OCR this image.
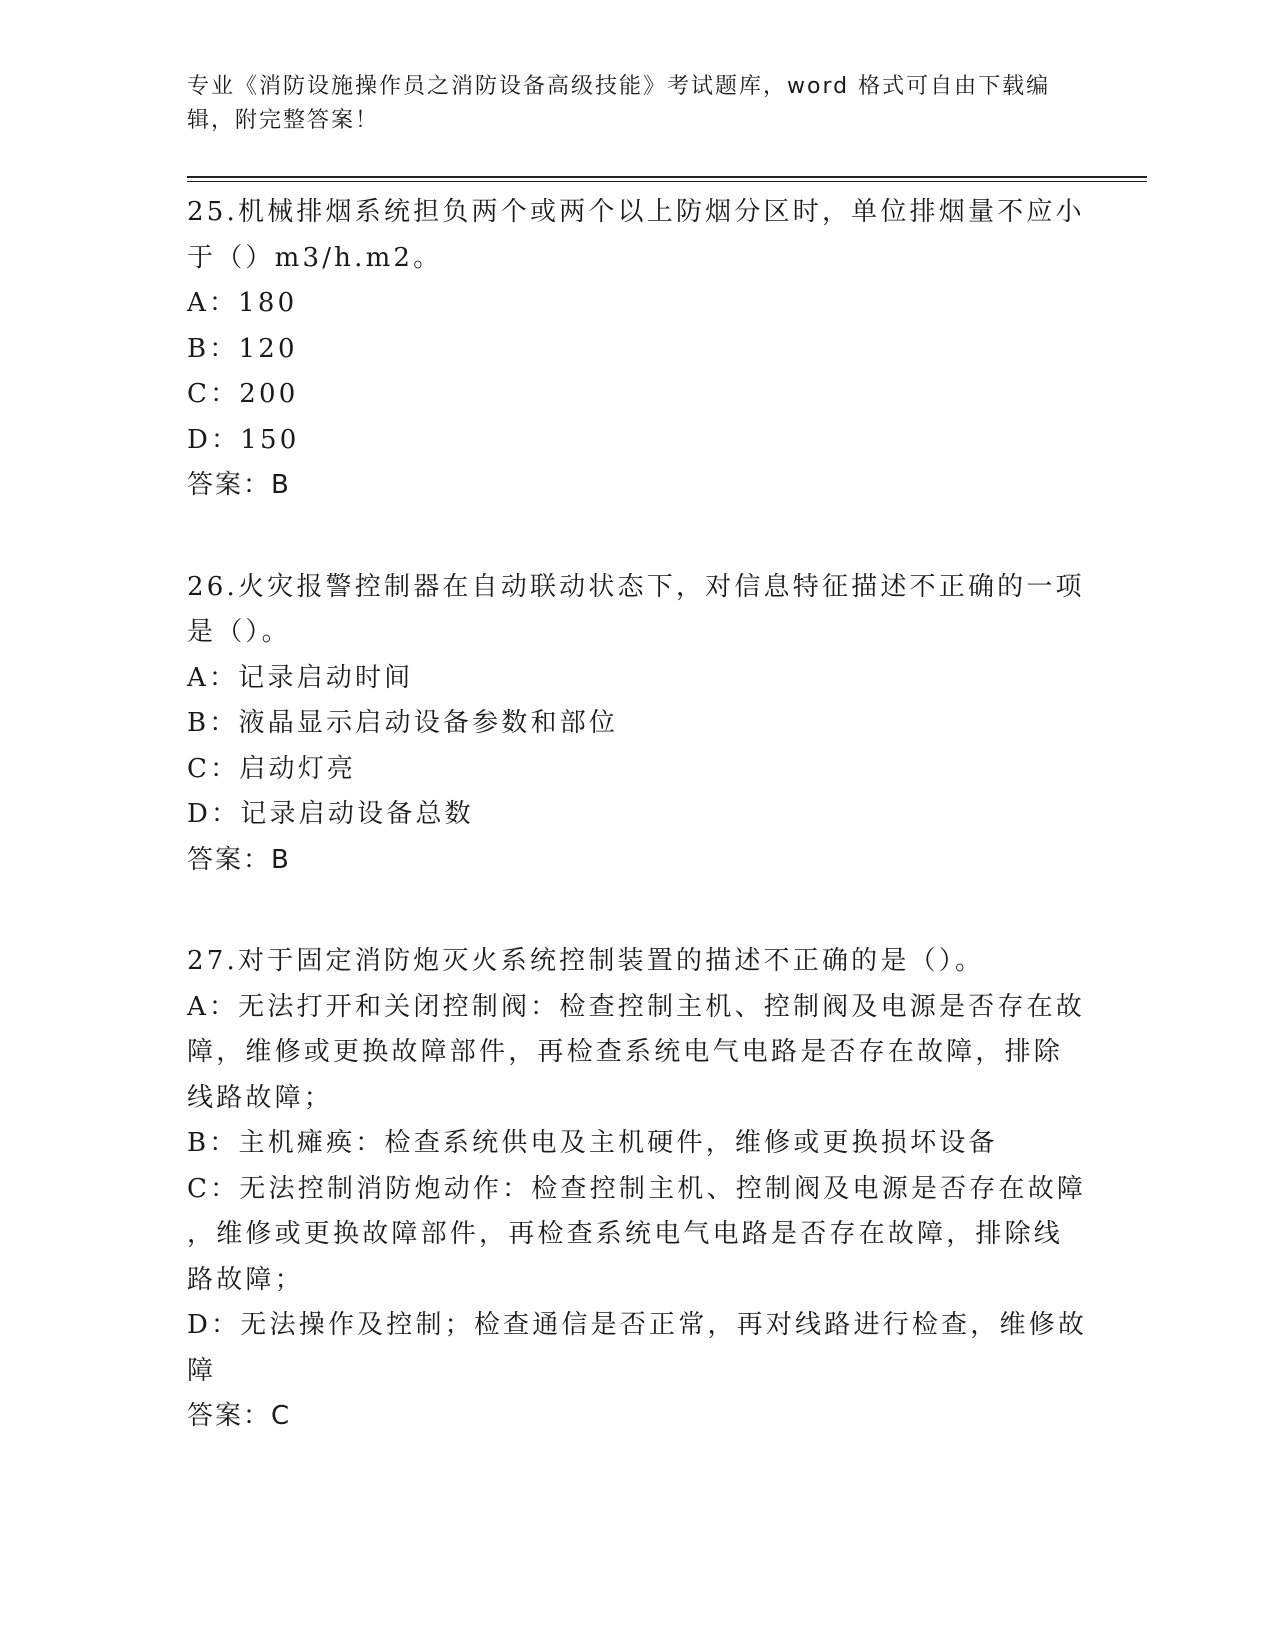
专业《消防设施操作员之消防设备高级技能》考试题库，word 格式可自由下载编
辑，附完整答案！
25.机械排烟系统担负两个或两个以上防烟分区时，单位排烟量不应小
于（）m3/h.m2。
A：180
B：120
C：200
D：150
答案：B
26.火灾报警控制器在自动联动状态下，对信息特征描述不正确的一项
是（）。
A：记录启动时间
B：液晶显示启动设备参数和部位
C：启动灯亮
D：记录启动设备总数
答案：B
27.对于固定消防炮灭火系统控制装置的描述不正确的是（）。
A：无法打开和关闭控制阀：检查控制主机、控制阀及电源是否存在故
障，维修或更换故障部件，再检查系统电气电路是否存在故障，排除
线路故障；
B：主机瘫痪：检查系统供电及主机硬件，维修或更换损坏设备
C：无法控制消防炮动作：检查控制主机、控制阀及电源是否存在故障
，维修或更换故障部件，再检查系统电气电路是否存在故障，排除线
路故障；
D：无法操作及控制；检查通信是否正常，再对线路进行检查，维修故
障
答案：C
